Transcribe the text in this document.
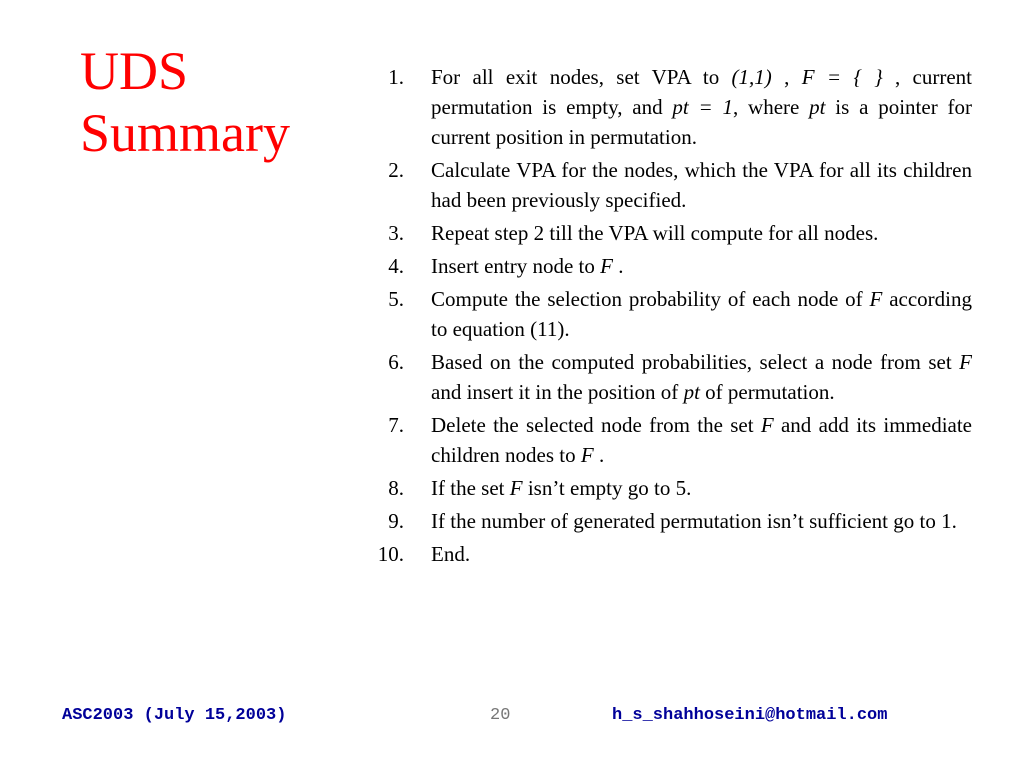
UDS
Summary
1. For all exit nodes, set VPA to (1,1) , F = { } , current permutation is empty, and pt = 1, where pt is a pointer for current position in permutation.
2. Calculate VPA for the nodes, which the VPA for all its children had been previously specified.
3. Repeat step 2 till the VPA will compute for all nodes.
4. Insert entry node to F .
5. Compute the selection probability of each node of F according to equation (11).
6. Based on the computed probabilities, select a node from set F and insert it in the position of pt of permutation.
7. Delete the selected node from the set F and add its immediate children nodes to F .
8. If the set F isn’t empty go to 5.
9. If the number of generated permutation isn’t sufficient go to 1.
10. End.
ASC2003 (July 15,2003)	20	h_s_shahhoseini@hotmail.com
